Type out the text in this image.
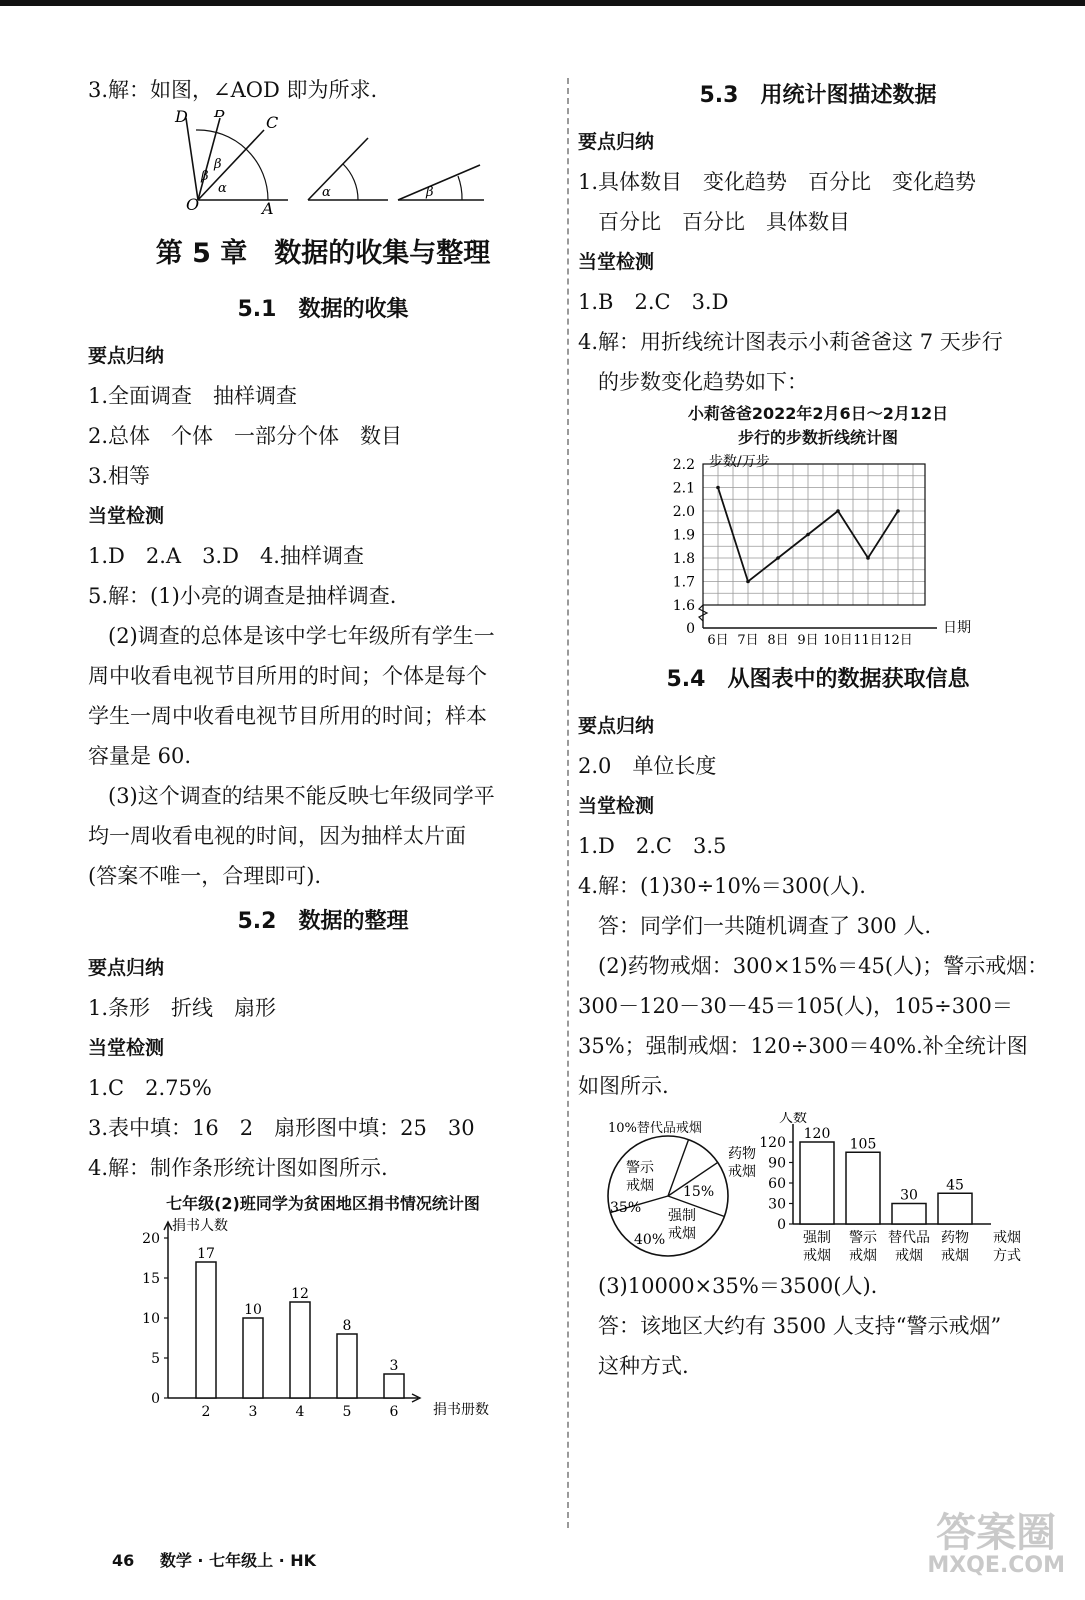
3.解：如图，∠AOD 即为所求.
D B
C
O	A
β
β
α	α	β
第 5 章　数据的收集与整理
5.1　数据的收集
要点归纳
1.全面调查　抽样调查
2.总体　个体　一部分个体　数目
3.相等
当堂检测
1.D　2.A　3.D　4.抽样调查
5.解：(1)小亮的调查是抽样调查.
(2)调查的总体是该中学七年级所有学生一
周中收看电视节目所用的时间；个体是每个
学生一周中收看电视节目所用的时间；样本
容量是 60.
(3)这个调查的结果不能反映七年级同学平
均一周收看电视的时间，因为抽样太片面
(答案不唯一，合理即可).
5.2　数据的整理
要点归纳
1.条形　折线　扇形
当堂检测
1.C　2.75%
3.表中填：16　2　扇形图中填：25　30
4.解：制作条形统计图如图所示.
七年级(2)班同学为贫困地区捐书情况统计图
捐书人数
捐书册数
0
5
10
15
20
17
2
10
3
12
4
8
5
3
6
5.3　用统计图描述数据
要点归纳
1.具体数目　变化趋势　百分比　变化趋势
百分比　百分比　具体数目
当堂检测
1.B　2.C　3.D
4.解：用折线统计图表示小莉爸爸这 7 天步行
的步数变化趋势如下：
小莉爸爸2022年2月6日～2月12日
步行的步数折线统计图
步数/万步
日期
0
1.6
1.7
1.8
1.9
2.0
2.1
2.2
6日 7日 8日 9日 10日 11日 12日
5.4　从图表中的数据获取信息
要点归纳
2.0　单位长度
当堂检测
1.D　2.C　3.5
4.解：(1)30÷10%＝300(人).
答：同学们一共随机调查了 300 人.
(2)药物戒烟：300×15%＝45(人)；警示戒烟：
300－120－30－45＝105(人)，105÷300＝
35%；强制戒烟：120÷300＝40%.补全统计图
如图所示.
10%替代品戒烟
药物
戒烟
15%
强制
戒烟
警示
戒烟
35%
40%
人数
0
30
60
90
120
120
强制
戒烟
105
警示
戒烟
30
替代品
戒烟
45
药物
戒烟
戒烟
方式
(3)10000×35%＝3500(人).
答：该地区大约有 3500 人支持“警示戒烟”
这种方式.
46 数学 · 七年级上 · HK
答案圈
MXQE.COM
